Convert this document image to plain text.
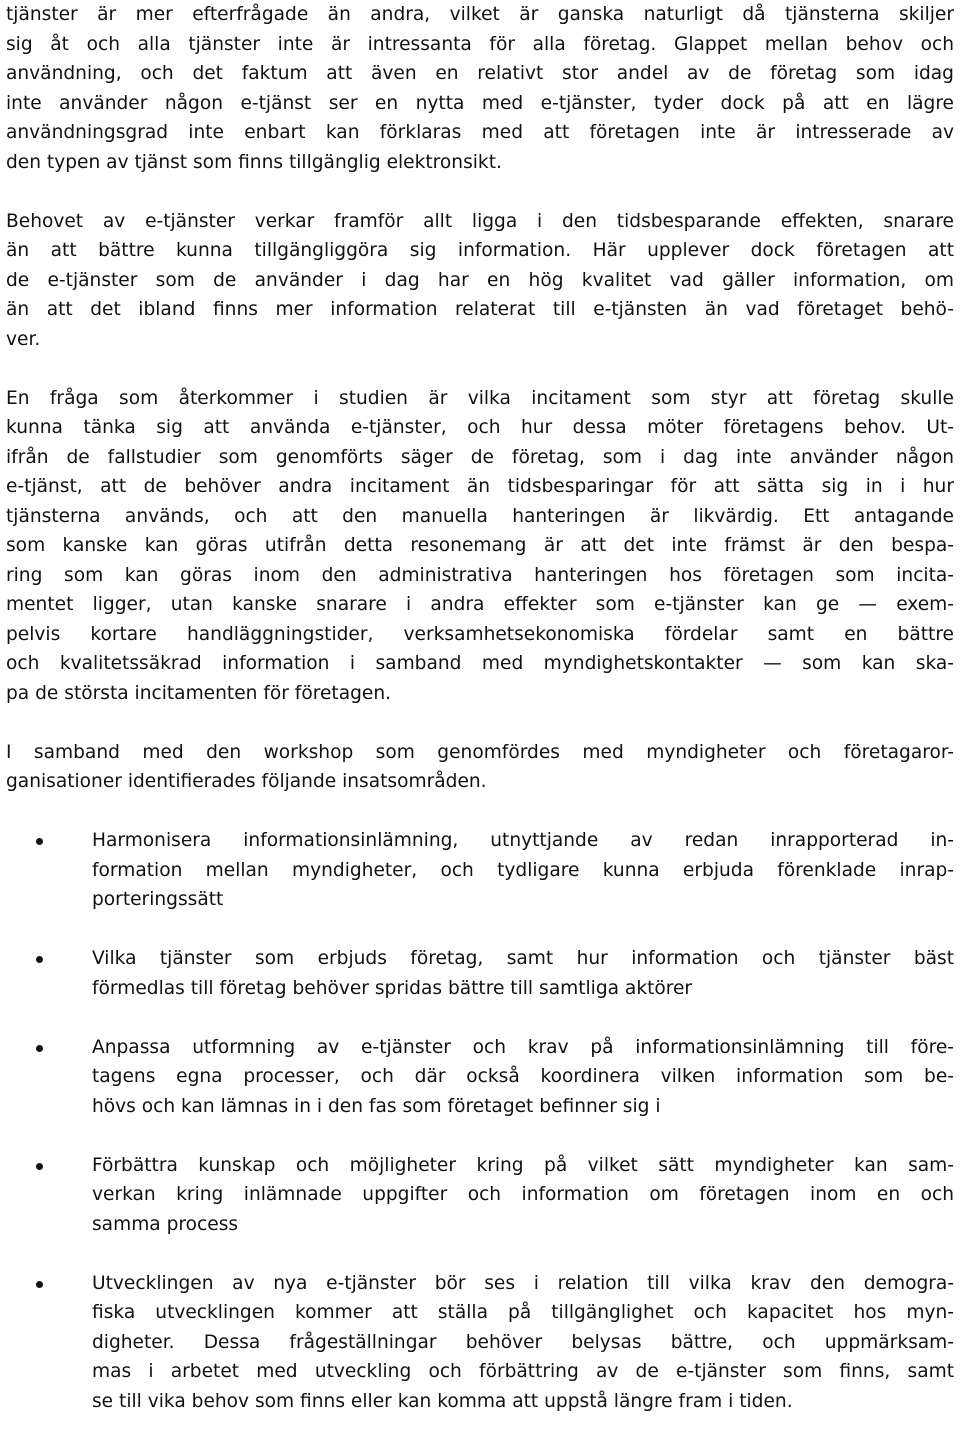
tjänster är mer efterfrågade än andra, vilket är ganska naturligt då tjänsterna skiljer
sig åt och alla tjänster inte är intressanta för alla företag. Glappet mellan behov och
användning, och det faktum att även en relativt stor andel av de företag som idag
inte använder någon e-tjänst ser en nytta med e-tjänster, tyder dock på att en lägre
användningsgrad inte enbart kan förklaras med att företagen inte är intresserade av
den typen av tjänst som finns tillgänglig elektronsikt.
Behovet av e-tjänster verkar framför allt ligga i den tidsbesparande effekten, snarare
än att bättre kunna tillgängliggöra sig information. Här upplever dock företagen att
de e-tjänster som de använder i dag har en hög kvalitet vad gäller information, om
än att det ibland finns mer information relaterat till e-tjänsten än vad företaget behö-
ver.
En fråga som återkommer i studien är vilka incitament som styr att företag skulle
kunna tänka sig att använda e-tjänster, och hur dessa möter företagens behov. Ut-
ifrån de fallstudier som genomförts säger de företag, som i dag inte använder någon
e-tjänst, att de behöver andra incitament än tidsbesparingar för att sätta sig in i hur
tjänsterna används, och att den manuella hanteringen är likvärdig. Ett antagande
som kanske kan göras utifrån detta resonemang är att det inte främst är den bespa-
ring som kan göras inom den administrativa hanteringen hos företagen som incita-
mentet ligger, utan kanske snarare i andra effekter som e-tjänster kan ge — exem-
pelvis kortare handläggningstider, verksamhetsekonomiska fördelar samt en bättre
och kvalitetssäkrad information i samband med myndighetskontakter — som kan ska-
pa de största incitamenten för företagen.
I samband med den workshop som genomfördes med myndigheter och företagaror-
ganisationer identifierades följande insatsområden.
Harmonisera informationsinlämning, utnyttjande av redan inrapporterad in-
formation mellan myndigheter, och tydligare kunna erbjuda förenklade inrap-
porteringssätt
Vilka tjänster som erbjuds företag, samt hur information och tjänster bäst
förmedlas till företag behöver spridas bättre till samtliga aktörer
Anpassa utformning av e-tjänster och krav på informationsinlämning till före-
tagens egna processer, och där också koordinera vilken information som be-
hövs och kan lämnas in i den fas som företaget befinner sig i
Förbättra kunskap och möjligheter kring på vilket sätt myndigheter kan sam-
verkan kring inlämnade uppgifter och information om företagen inom en och
samma process
Utvecklingen av nya e-tjänster bör ses i relation till vilka krav den demogra-
fiska utvecklingen kommer att ställa på tillgänglighet och kapacitet hos myn-
digheter. Dessa frågeställningar behöver belysas bättre, och uppmärksam-
mas i arbetet med utveckling och förbättring av de e-tjänster som finns, samt
se till vika behov som finns eller kan komma att uppstå längre fram i tiden.
